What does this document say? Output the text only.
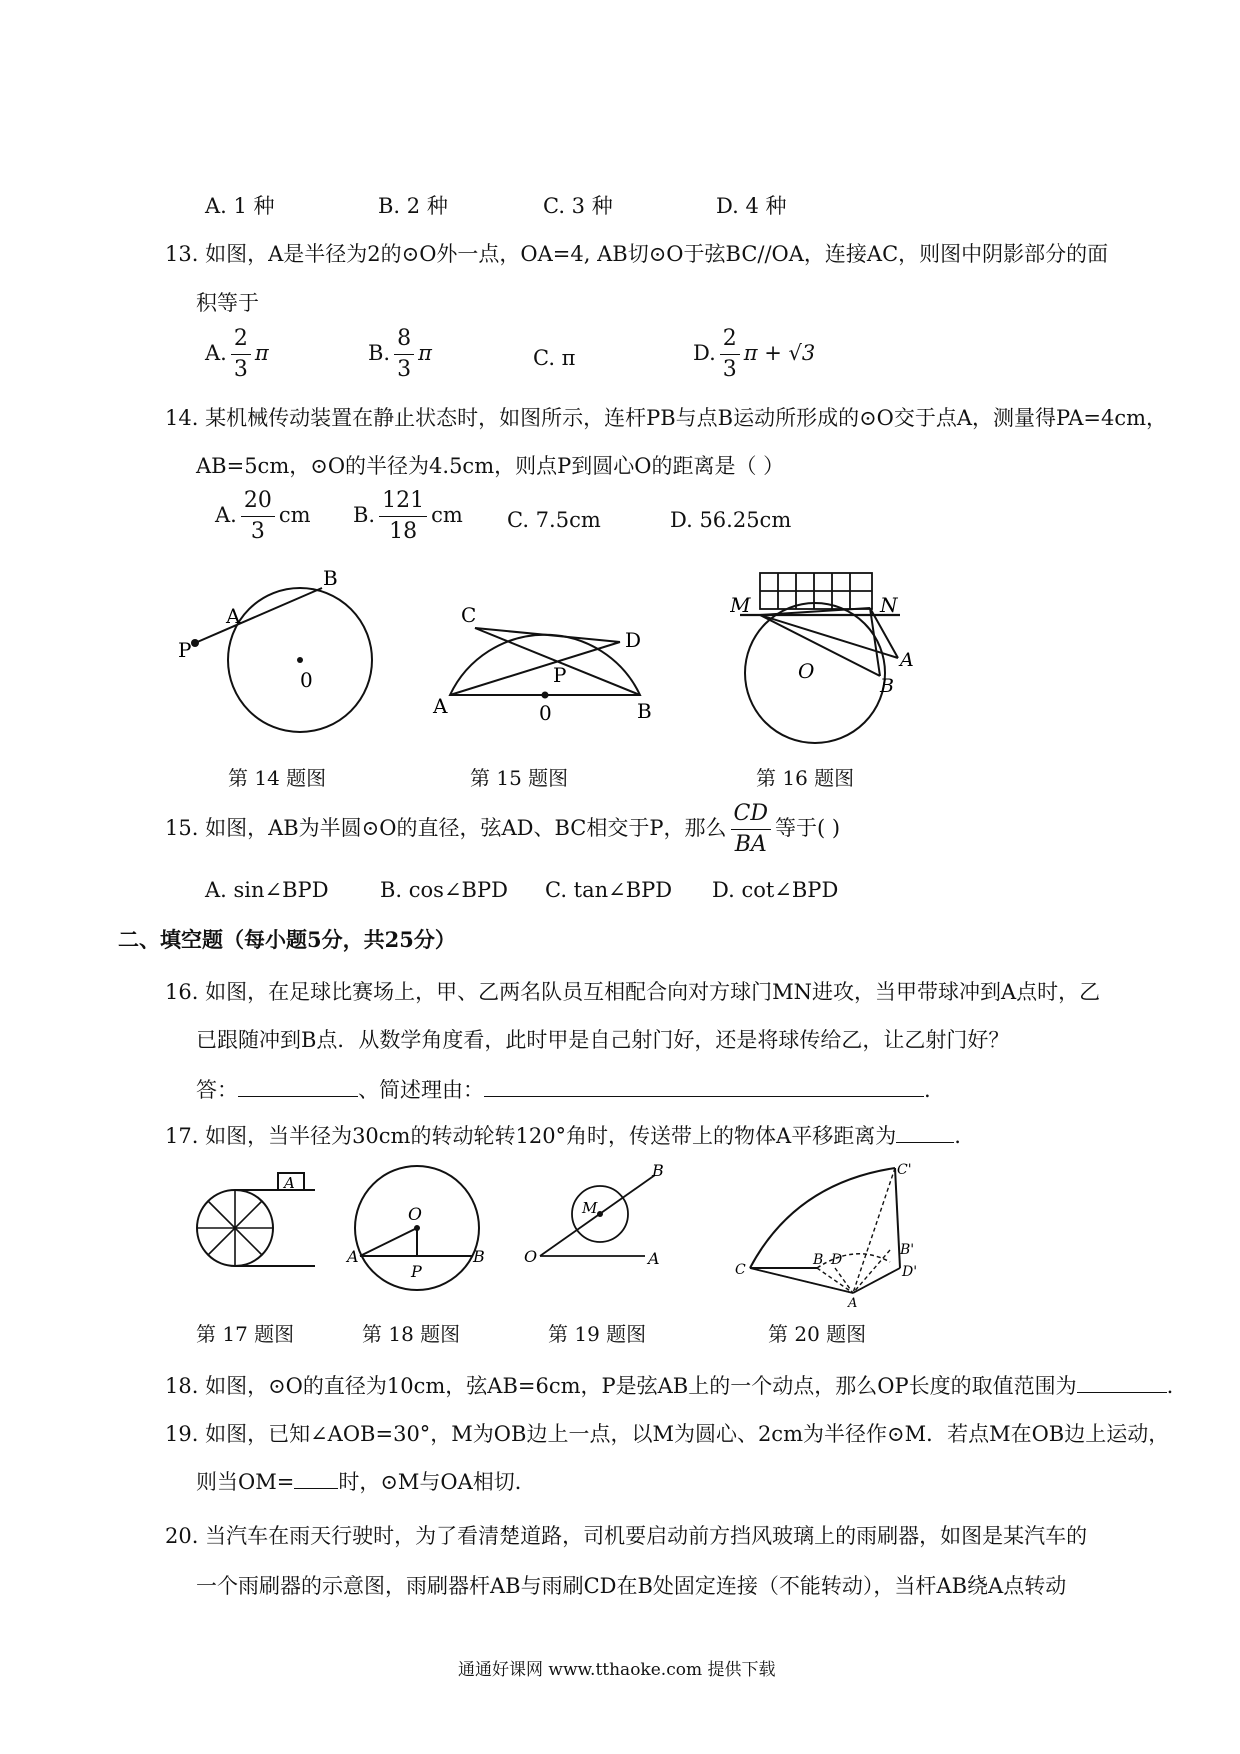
A. 1 种	B. 2 种	C. 3 种	D. 4 种
13. 如图，A是半径为2的⊙O外一点，OA=4, AB切⊙O于弦BC//OA，连接AC，则图中阴影部分的面
积等于
A. $\frac{2}{3}$ π	B. $\frac{8}{3}$ π	C. π	D. $\frac{2}{3}$ π + √3
14. 某机械传动装置在静止状态时，如图所示，连杆PB与点B运动所形成的⊙O交于点A，测量得PA=4cm，
AB=5cm，⊙O的半径为4.5cm，则点P到圆心O的距离是（ ）
A. $\frac{20}{3}$ cm B. $\frac{121}{18}$ cm C. 7.5cm	D. 56.25cm
B
A
P
0
C
D
P
A	0	B
M	N
A
O
B
第 14 题图	第 15 题图	第 16 题图
15. 如图，AB为半圆⊙O的直径，弦AD、BC相交于P，那么 $\frac{CD}{BA}$ 等于( )
A. sin∠BPD B. cos∠BPD C. tan∠BPD D. cot∠BPD
二、填空题（每小题5分，共25分）
16. 如图，在足球比赛场上，甲、乙两名队员互相配合向对方球门MN进攻，当甲带球冲到A点时，乙
已跟随冲到B点．从数学角度看，此时甲是自己射门好，还是将球传给乙，让乙射门好？
答：	、简述理由：	.
17. 如图，当半径为30cm的转动轮转120°角时，传送带上的物体A平移距离为	.
A
O
A
P
B
B
M
O	A
C'
B'
D'
C
B D
A
第 17 题图	第 18 题图	第 19 题图	第 20 题图
18. 如图，⊙O的直径为10cm，弦AB=6cm，P是弦AB上的一个动点，那么OP长度的取值范围为	.
19. 如图，已知∠AOB=30°，M为OB边上一点，以M为圆心、2cm为半径作⊙M．若点M在OB边上运动，
则当OM= 时，⊙M与OA相切．
20. 当汽车在雨天行驶时，为了看清楚道路，司机要启动前方挡风玻璃上的雨刷器，如图是某汽车的
一个雨刷器的示意图，雨刷器杆AB与雨刷CD在B处固定连接（不能转动），当杆AB绕A点转动
通通好课网 www.tthaoke.com 提供下载
